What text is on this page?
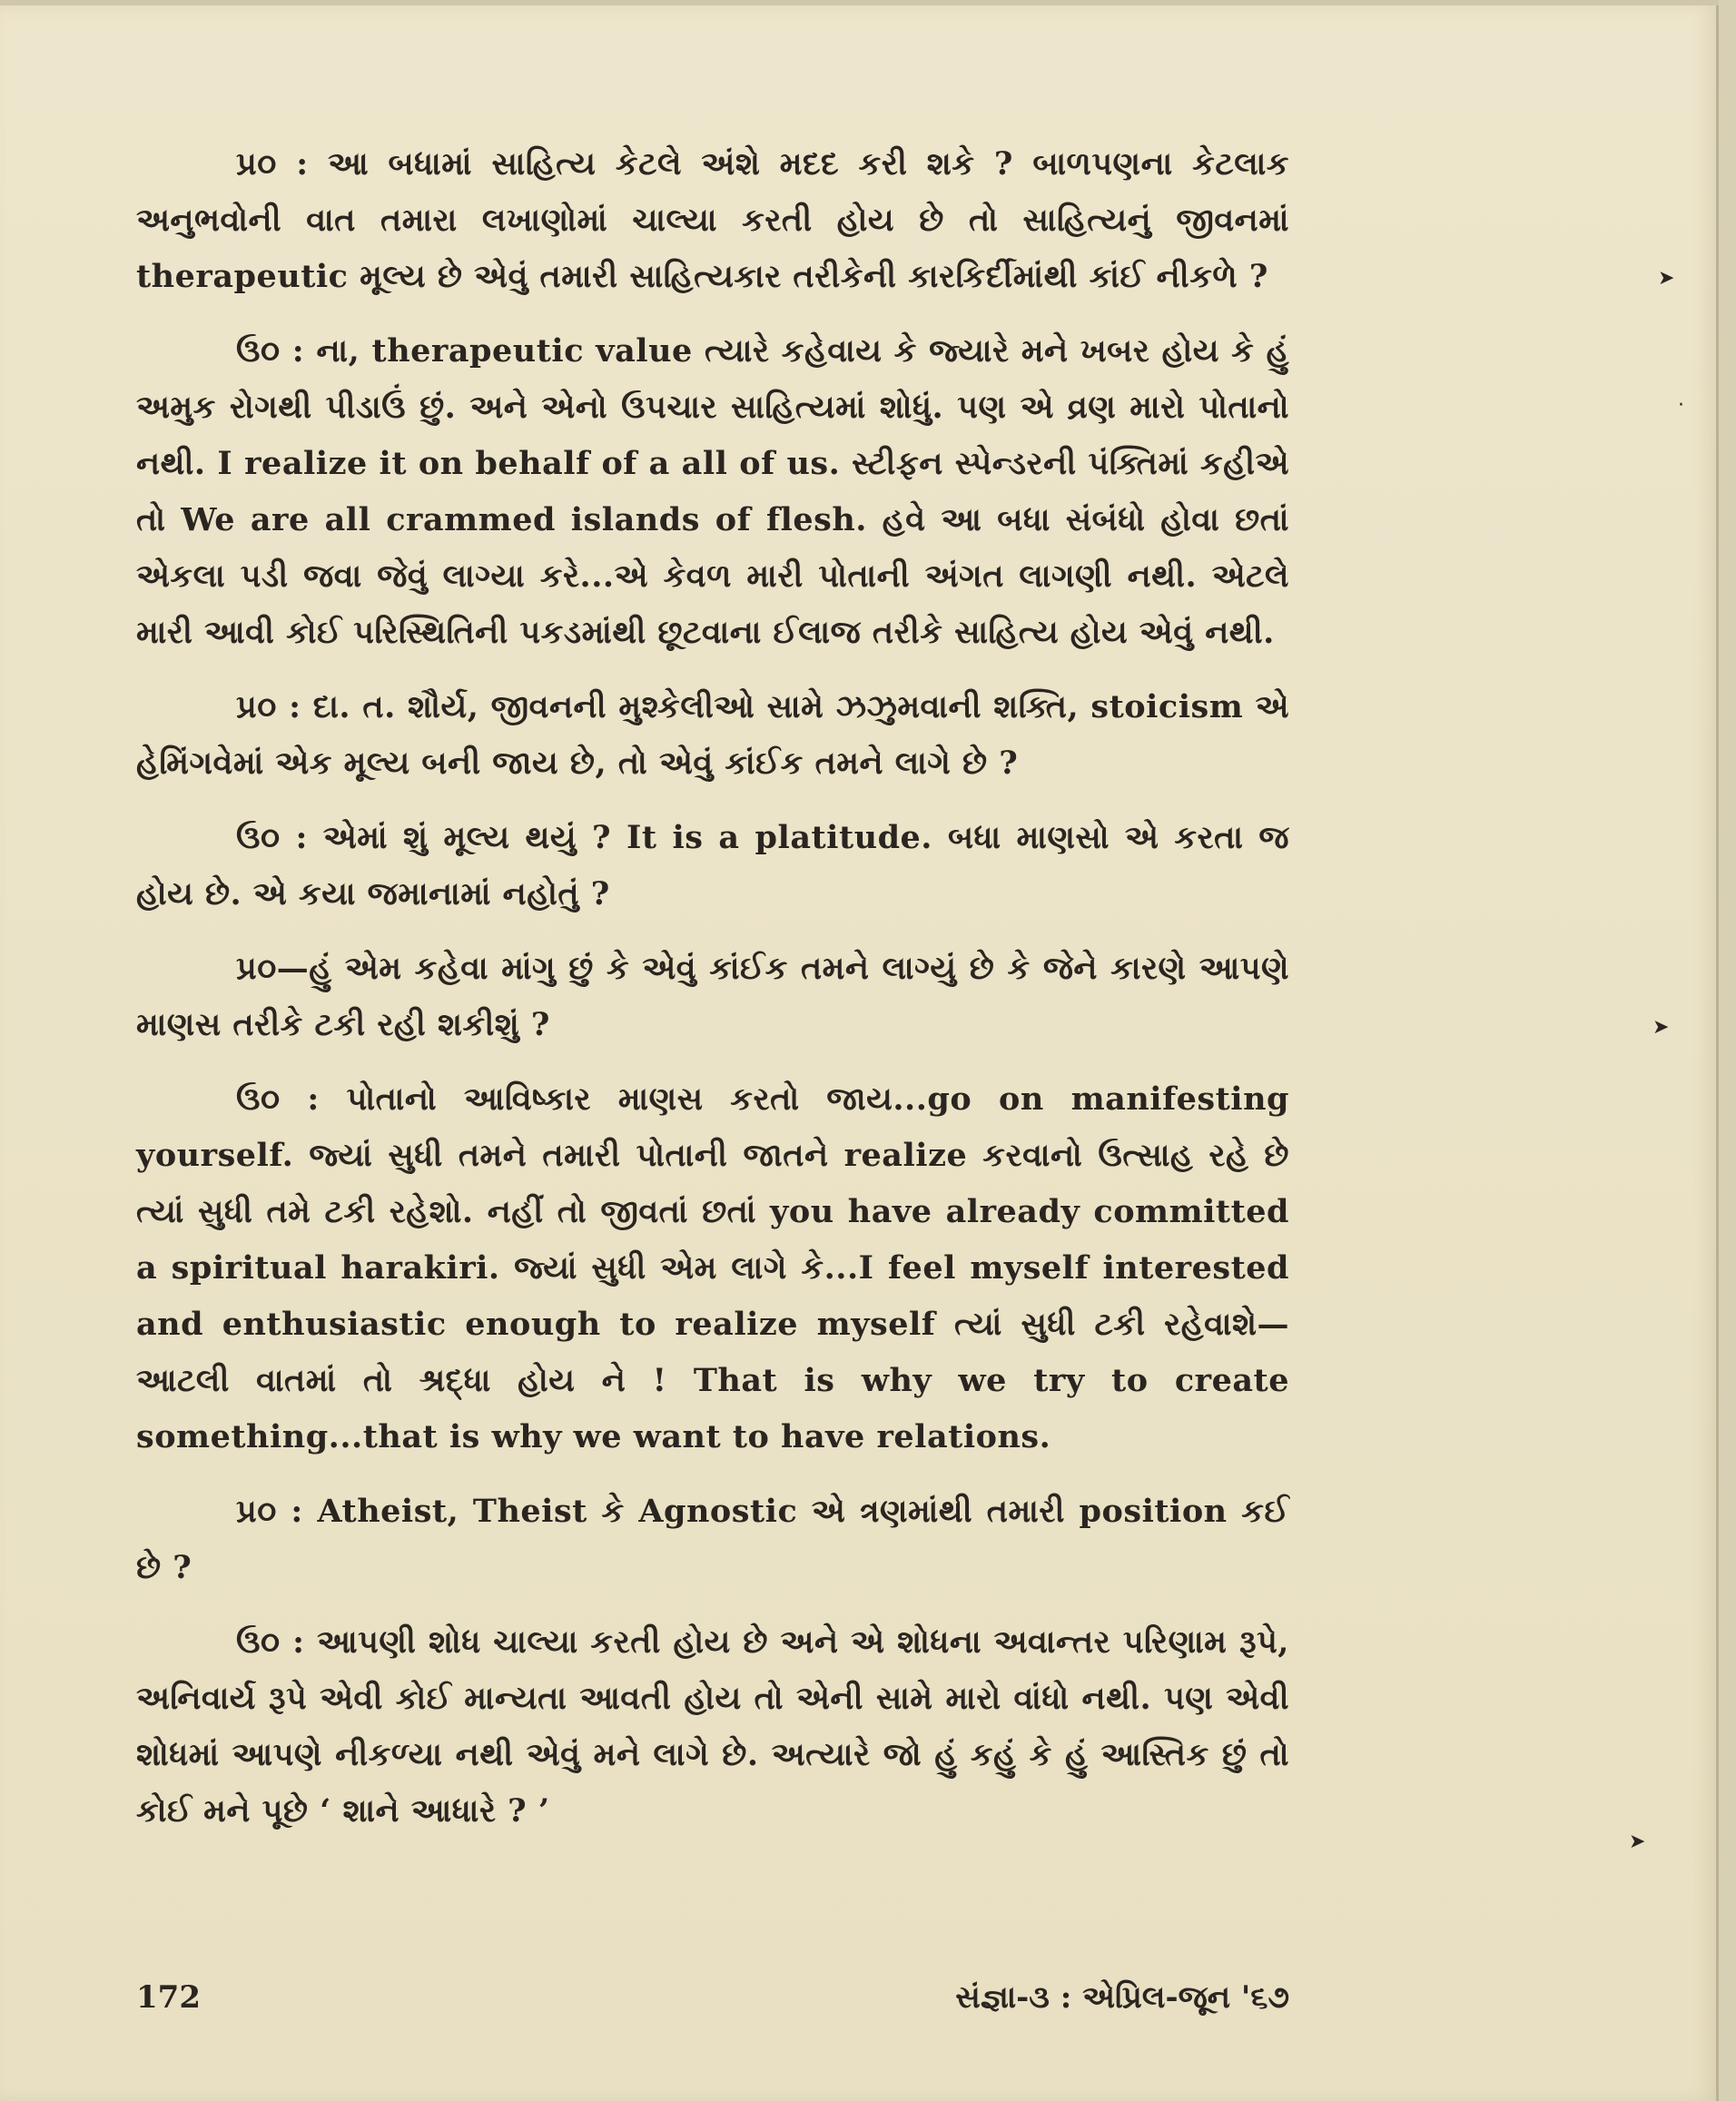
➤
·
➤
➤

પ્ર૦ : આ બધામાં સાહિત્ય કેટલે અંશે મદદ કરી શકે ? બાળપણના કેટલાક અનુભવોની વાત તમારા લખાણોમાં ચાલ્યા કરતી હોય છે તો સાહિત્યનું જીવનમાં therapeutic મૂલ્ય છે એવું તમારી સાહિત્યકાર તરીકેની કારકિર્દીમાંથી કાંઈ નીકળે ?

ઉ૦ : ના, therapeutic value ત્યારે કહેવાય કે જ્યારે મને ખબર હોય કે હું અમુક રોગથી પીડાઉં છું. અને એનો ઉપચાર સાહિત્યમાં શોધું. પણ એ વ્રણ મારો પોતાનો નથી. I realize it on behalf of a all of us. સ્ટીફન સ્પેન્ડરની પંક્તિમાં કહીએ તો We are all crammed islands of flesh. હવે આ બધા સંબંધો હોવા છતાં એકલા પડી જવા જેવું લાગ્યા કરે...એ કેવળ મારી પોતાની અંગત લાગણી નથી. એટલે મારી આવી કોઈ પરિસ્થિતિની પકડમાંથી છૂટવાના ઈલાજ તરીકે સાહિત્ય હોય એવું નથી.

પ્ર૦ : દા. ત. શૌર્ય, જીવનની મુશ્કેલીઓ સામે ઝઝુમવાની શક્તિ, stoicism એ હેમિંગવેમાં એક મૂલ્ય બની જાય છે, તો એવું કાંઈક તમને લાગે છે ?

ઉ૦ : એમાં શું મૂલ્ય થયું ? It is a platitude. બધા માણસો એ કરતા જ હોય છે. એ કયા જમાનામાં નહોતું ?

પ્ર૦—હું એમ કહેવા માંગુ છું કે એવું કાંઈક તમને લાગ્યું છે કે જેને કારણે આપણે માણસ તરીકે ટકી રહી શકીશું ?

ઉ૦ : પોતાનો આવિષ્કાર માણસ કરતો જાય...go on manifesting yourself. જ્યાં સુધી તમને તમારી પોતાની જાતને realize કરવાનો ઉત્સાહ રહે છે ત્યાં સુધી તમે ટકી રહેશો. નહીં તો જીવતાં છતાં you have already committed a spiritual harakiri. જ્યાં સુધી એમ લાગે કે...I feel myself interested and enthusiastic enough to realize myself ત્યાં સુધી ટકી રહેવાશે—આટલી વાતમાં તો શ્રદ્ધા હોય ને ! That is why we try to create something...that is why we want to have relations.

પ્ર૦ : Atheist, Theist કે Agnostic એ ત્રણમાંથી તમારી position કઈ છે ?

ઉ૦ : આપણી શોધ ચાલ્યા કરતી હોય છે અને એ શોધના અવાન્તર પરિણામ રૂપે, અનિવાર્ય રૂપે એવી કોઈ માન્યતા આવતી હોય તો એની સામે મારો વાંધો નથી. પણ એવી શોધમાં આપણે નીકળ્યા નથી એવું મને લાગે છે. અત્યારે જો હું કહું કે હું આસ્તિક છું તો કોઈ મને પૂછે ‘ શાને આધારે ? ’

172	સંજ્ઞા-૩ : એપ્રિલ-જૂન '૬૭
